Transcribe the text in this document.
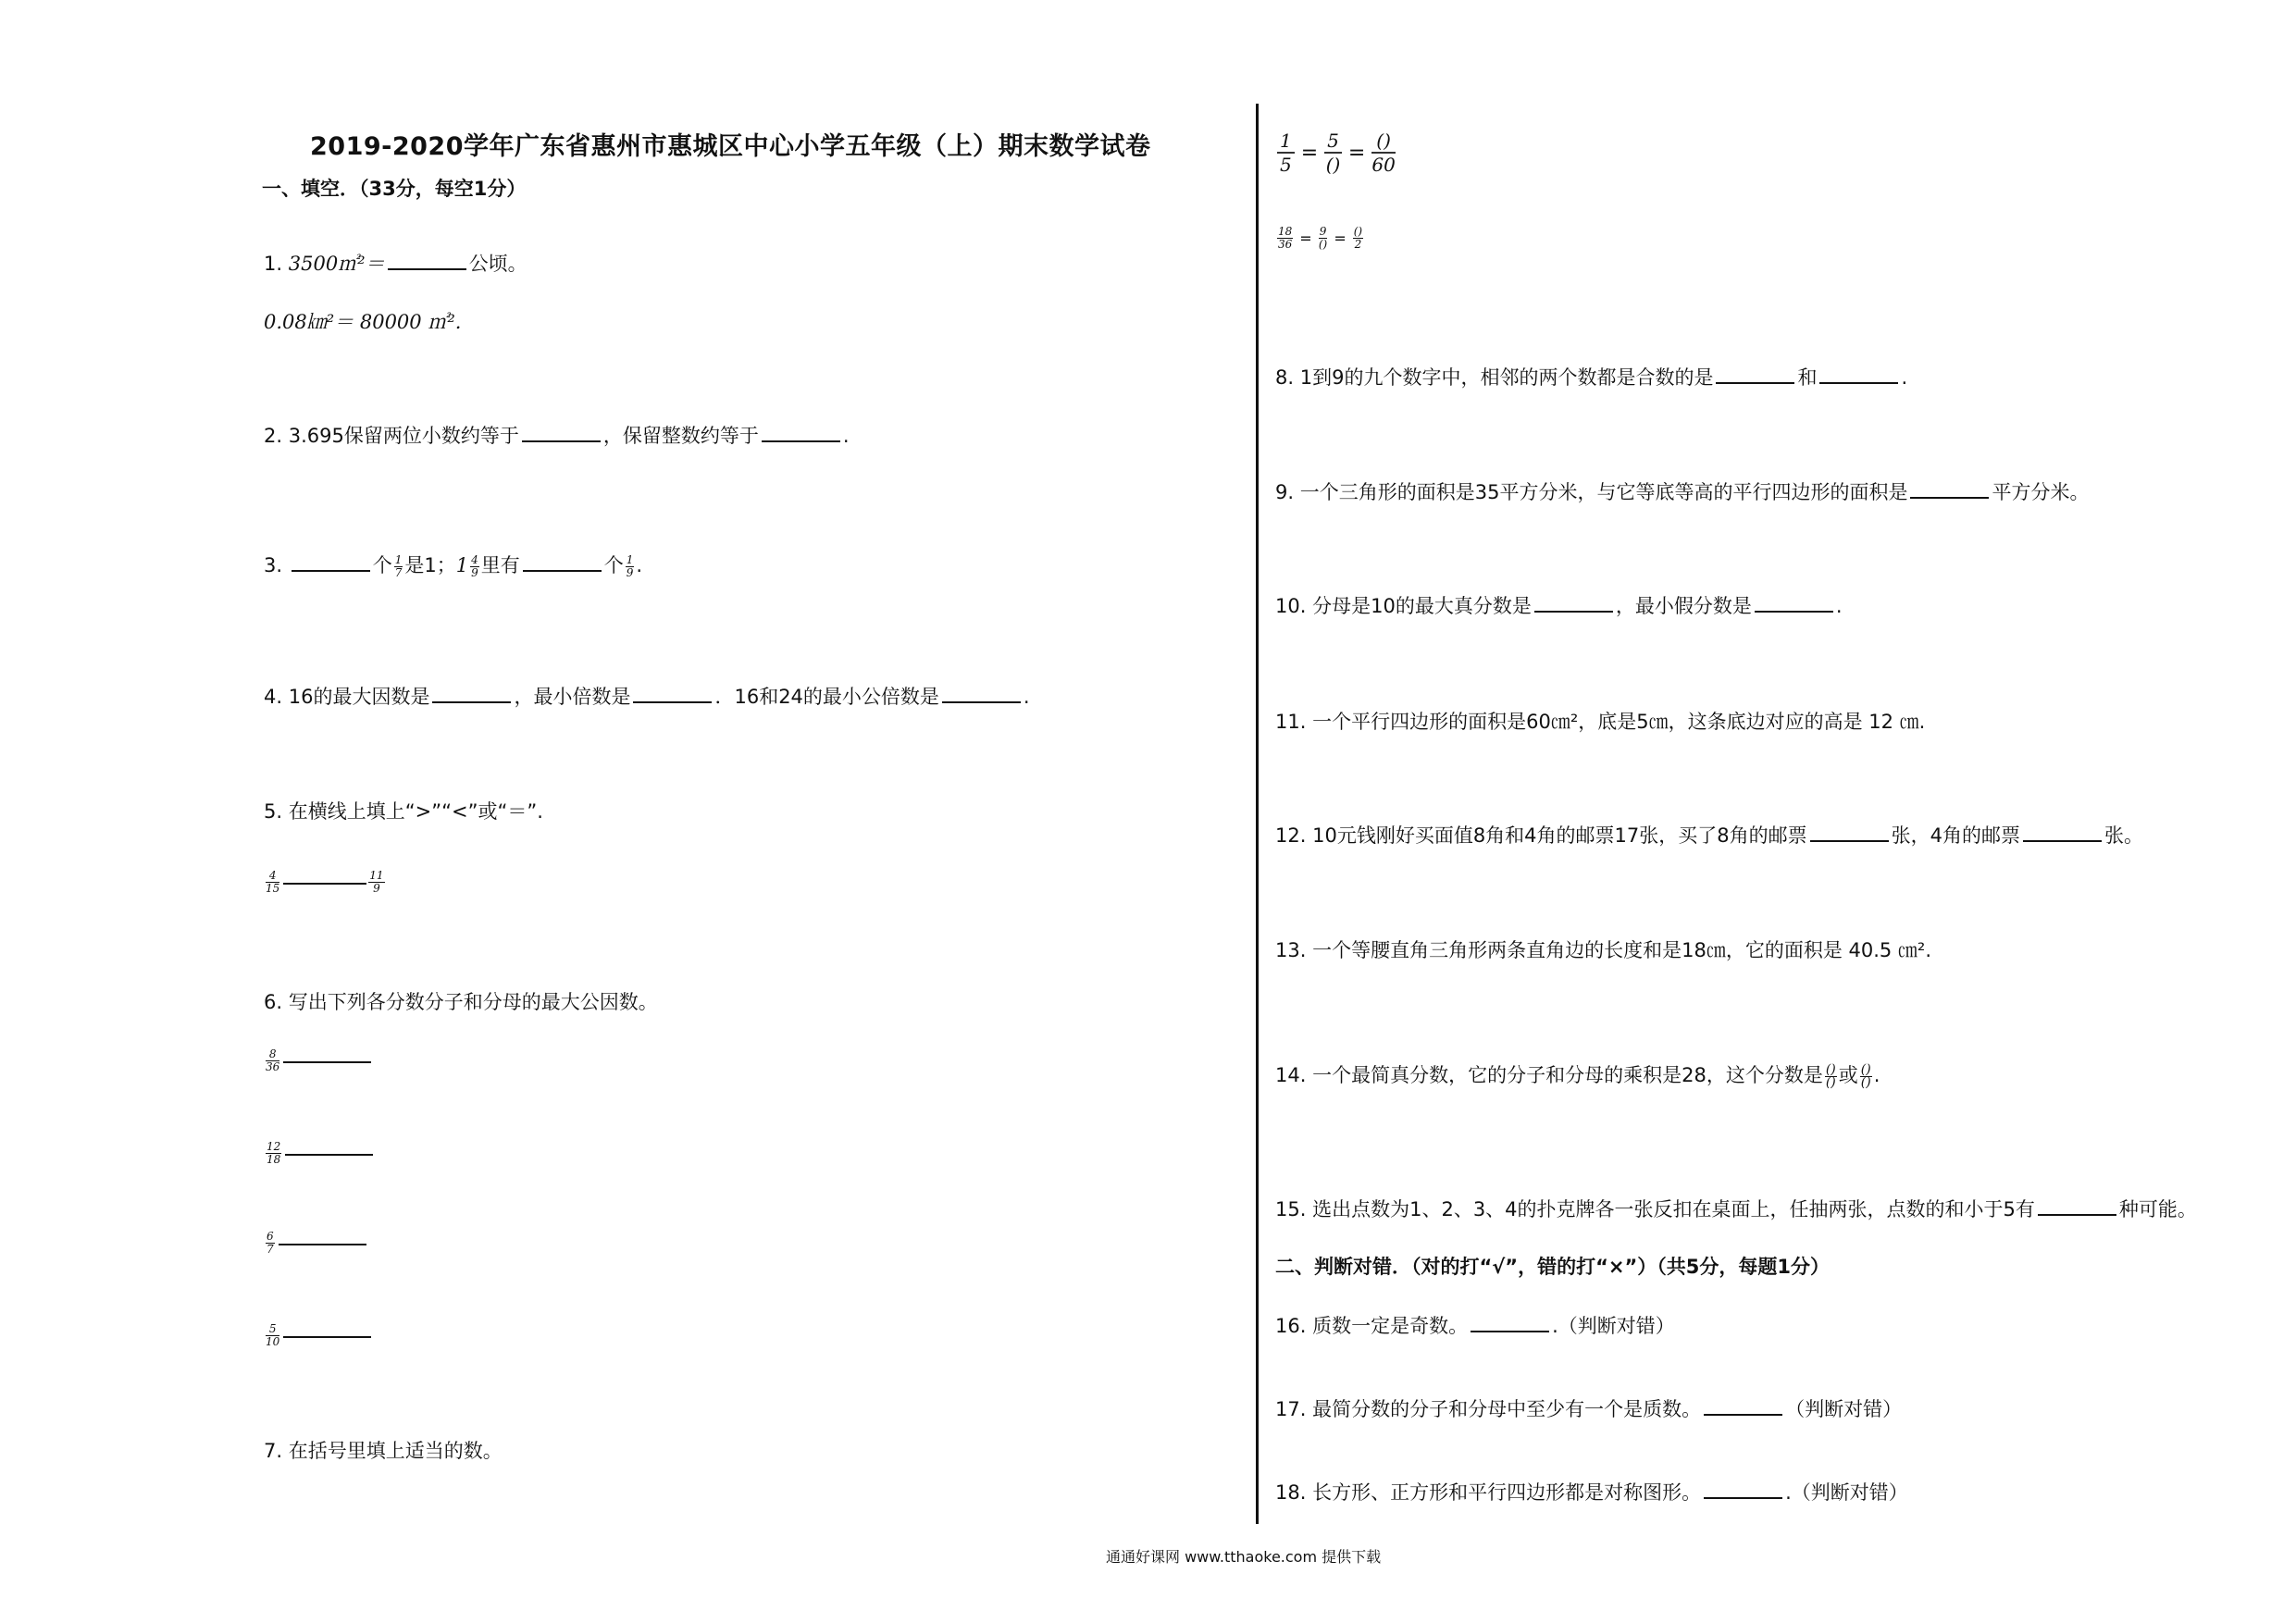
2019-2020学年广东省惠州市惠城区中心小学五年级（上）期末数学试卷
一、填空．（33分，每空1分）
1. 3500㎡²＝	公顷。
0.08㎞²＝ 80000 ㎡².
2. 3.695保留两位小数约等于	，保留整数约等于	.
3.	个 $\frac{1}{7}$ 是1；$1 \frac{4}{9}$ 里有	个 $\frac{1}{9}$ .
4. 16的最大因数是	，最小倍数是	．16和24的最小公倍数是	.
5. 在横线上填上“>”“<”或“＝”.
$\frac{4}{15}$	$\frac{11}{9}$
6. 写出下列各分数分子和分母的最大公因数。
$\frac{8}{36}$
$\frac{12}{18}$
$\frac{6}{7}$
$\frac{5}{10}$
7. 在括号里填上适当的数。
$\frac{1}{5} = \frac{5}{()} = \frac{()}{60}$
$\frac{18}{36} = \frac{9}{()} = \frac{()}{2}$
8. 1到9的九个数字中，相邻的两个数都是合数的是	和	.
9. 一个三角形的面积是35平方分米，与它等底等高的平行四边形的面积是	平方分米。
10. 分母是10的最大真分数是	，最小假分数是	.
11. 一个平行四边形的面积是60㎝²，底是5㎝，这条底边对应的高是 12 ㎝.
12. 10元钱刚好买面值8角和4角的邮票17张，买了8角的邮票	张，4角的邮票	张。
13. 一个等腰直角三角形两条直角边的长度和是18㎝，它的面积是 40.5 ㎝².
14. 一个最简真分数，它的分子和分母的乘积是28，这个分数是 $\frac{()}{()}$ 或 $\frac{()}{()}$ .
15. 选出点数为1、2、3、4的扑克牌各一张反扣在桌面上，任抽两张，点数的和小于5有	种可能。
二、判断对错．（对的打“√”，错的打“×”）（共5分，每题1分）
16. 质数一定是奇数。	.（判断对错）
17. 最简分数的分子和分母中至少有一个是质数。	（判断对错）
18. 长方形、正方形和平行四边形都是对称图形。	.（判断对错）
通通好课网 www.tthaoke.com 提供下载
